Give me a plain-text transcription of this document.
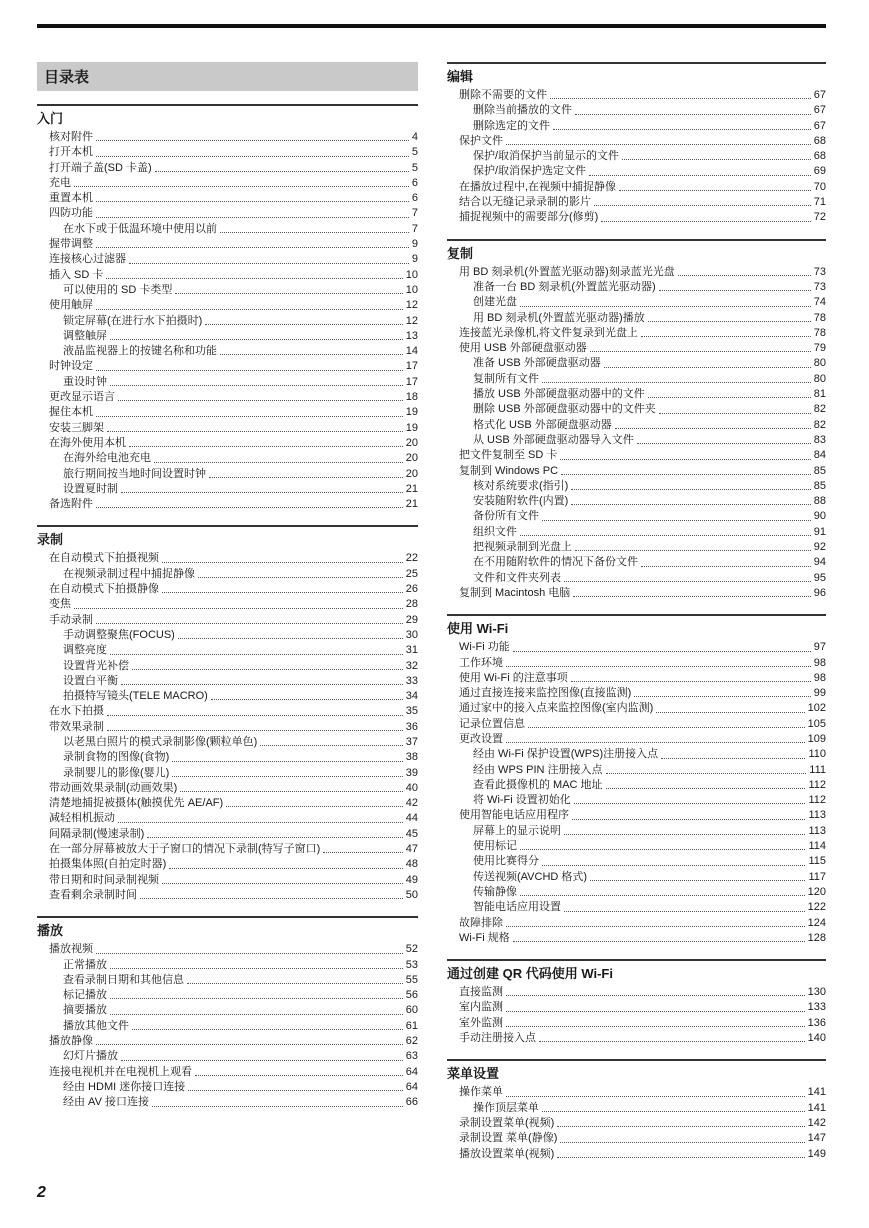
目录表
入门
核对附件	4
打开本机	5
打开端子盖(SD 卡盖)	5
充电	6
重置本机	6
四防功能	7
在水下或于低温环境中使用以前	7
握带调整	9
连接核心过滤器	9
插入 SD 卡	10
可以使用的 SD 卡类型	10
使用触屏	12
锁定屏幕(在进行水下拍摄时)	12
调整触屏	13
液晶监视器上的按键名称和功能	14
时钟设定	17
重设时钟	17
更改显示语言	18
握住本机	19
安装三脚架	19
在海外使用本机	20
在海外给电池充电	20
旅行期间按当地时间设置时钟	20
设置夏时制	21
备选附件	21
录制
在自动模式下拍摄视频	22
在视频录制过程中捕捉静像	25
在自动模式下拍摄静像	26
变焦	28
手动录制	29
手动调整聚焦(FOCUS)	30
调整亮度	31
设置背光补偿	32
设置白平衡	33
拍摄特写镜头(TELE MACRO)	34
在水下拍摄	35
带效果录制	36
以老黑白照片的模式录制影像(颗粒单色)	37
录制食物的图像(食物)	38
录制婴儿的影像(婴儿)	39
带动画效果录制(动画效果)	40
清楚地捕捉被摄体(触摸优先 AE/AF)	42
减轻相机振动	44
间隔录制(慢速录制)	45
在一部分屏幕被放大于子窗口的情况下录制(特写子窗口)	47
拍摄集体照(自拍定时器)	48
带日期和时间录制视频	49
查看剩余录制时间	50
播放
播放视频	52
正常播放	53
查看录制日期和其他信息	55
标记播放	56
摘要播放	60
播放其他文件	61
播放静像	62
幻灯片播放	63
连接电视机并在电视机上观看	64
经由 HDMI 迷你接口连接	64
经由 AV 接口连接	66
编辑
删除不需要的文件	67
删除当前播放的文件	67
删除选定的文件	67
保护文件	68
保护/取消保护当前显示的文件	68
保护/取消保护选定文件	69
在播放过程中,在视频中捕捉静像	70
结合以无缝记录录制的影片	71
捕捉视频中的需要部分(修剪)	72
复制
用 BD 刻录机(外置蓝光驱动器)刻录蓝光光盘	73
准备一台 BD 刻录机(外置蓝光驱动器)	73
创建光盘	74
用 BD 刻录机(外置蓝光驱动器)播放	78
连接蓝光录像机,将文件复录到光盘上	78
使用 USB 外部硬盘驱动器	79
准备 USB 外部硬盘驱动器	80
复制所有文件	80
播放 USB 外部硬盘驱动器中的文件	81
删除 USB 外部硬盘驱动器中的文件夹	82
格式化 USB 外部硬盘驱动器	82
从 USB 外部硬盘驱动器导入文件	83
把文件复制至 SD 卡	84
复制到 Windows PC	85
核对系统要求(指引)	85
安装随附软件(内置)	88
备份所有文件	90
组织文件	91
把视频录制到光盘上	92
在不用随附软件的情况下备份文件	94
文件和文件夹列表	95
复制到 Macintosh 电脑	96
使用 Wi-Fi
Wi-Fi 功能	97
工作环境	98
使用 Wi-Fi 的注意事项	98
通过直接连接来监控图像(直接监测)	99
通过家中的接入点来监控图像(室内监测)	102
记录位置信息	105
更改设置	109
经由 Wi-Fi 保护设置(WPS)注册接入点	110
经由 WPS PIN 注册接入点	111
查看此摄像机的 MAC 地址	112
将 Wi-Fi 设置初始化	112
使用智能电话应用程序	113
屏幕上的显示说明	113
使用标记	114
使用比赛得分	115
传送视频(AVCHD 格式)	117
传输静像	120
智能电话应用设置	122
故障排除	124
Wi-Fi 规格	128
通过创建 QR 代码使用 Wi-Fi
直接监测	130
室内监测	133
室外监测	136
手动注册接入点	140
菜单设置
操作菜单	141
操作顶层菜单	141
录制设置菜单(视频)	142
录制设置 菜单(静像)	147
播放设置菜单(视频)	149
2
